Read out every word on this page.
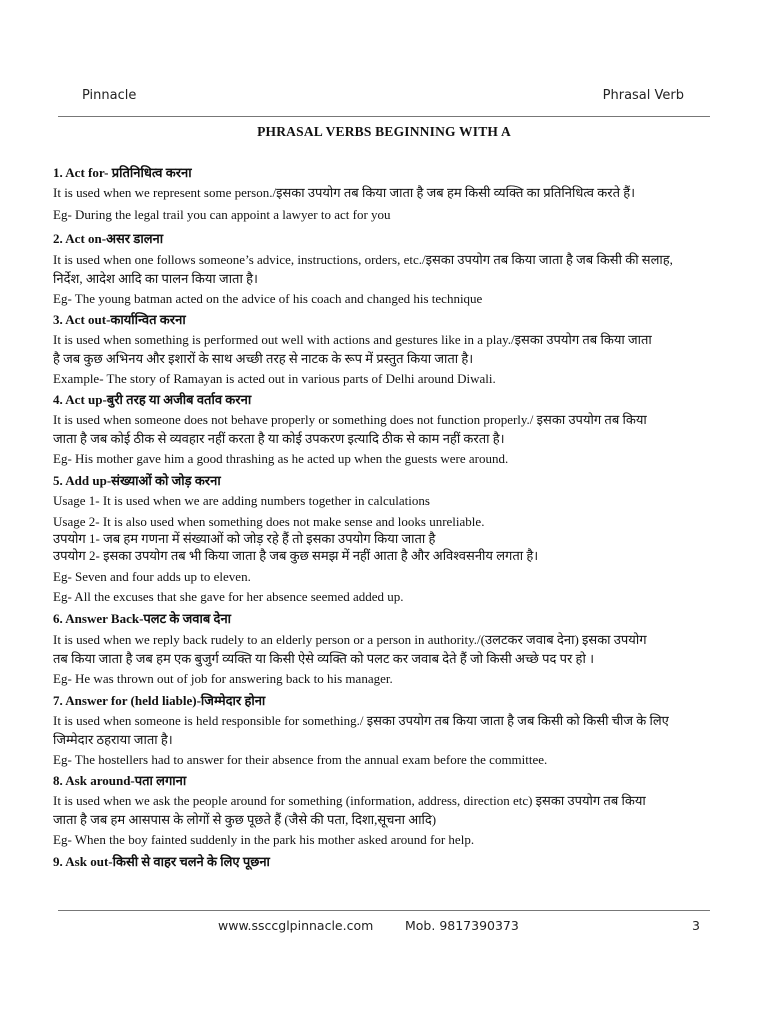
Pinnacle	Phrasal Verb
PHRASAL VERBS BEGINNING WITH A
1. Act for- प्रतिनिधित्व करना
It is used when we represent some person./इसका उपयोग तब किया जाता है जब हम किसी व्यक्ति का प्रतिनिधित्व करते हैं।
Eg- During the legal trail you can appoint a lawyer to act for you
2. Act on-असर डालना
It is used when one follows someone’s advice, instructions, orders, etc./इसका उपयोग तब किया जाता है जब किसी की सलाह,
निर्देश, आदेश आदि का पालन किया जाता है।
Eg- The young batman acted on the advice of his coach and changed his technique
3. Act out-कार्यान्वित करना
It is used when something is performed out well with actions and gestures like in a play./इसका उपयोग तब किया जाता
है जब कुछ अभिनय और इशारों के साथ अच्छी तरह से नाटक के रूप में प्रस्तुत किया जाता है।
Example- The story of Ramayan is acted out in various parts of Delhi around Diwali.
4. Act up-बुरी तरह या अजीब वर्ताव करना
It is used when someone does not behave properly or something does not function properly./ इसका उपयोग तब किया
जाता है जब कोई ठीक से व्यवहार नहीं करता है या कोई उपकरण इत्यादि ठीक से काम नहीं करता है।
Eg- His mother gave him a good thrashing as he acted up when the guests were around.
5. Add up-संख्याओं को जोड़ करना
Usage 1- It is used when we are adding numbers together in calculations
Usage 2- It is also used when something does not make sense and looks unreliable.
उपयोग 1- जब हम गणना में संख्याओं को जोड़ रहे हैं तो इसका उपयोग किया जाता है
उपयोग 2- इसका उपयोग तब भी किया जाता है जब कुछ समझ में नहीं आता है और अविश्वसनीय लगता है।
Eg- Seven and four adds up to eleven.
Eg- All the excuses that she gave for her absence seemed added up.
6. Answer Back-पलट के जवाब देना
It is used when we reply back rudely to an elderly person or a person in authority./(उलटकर जवाब देना) इसका उपयोग
तब किया जाता है जब हम एक बुजुर्ग व्यक्ति या किसी ऐसे व्यक्ति को पलट कर जवाब देते हैं जो किसी अच्छे पद पर हो ।
Eg- He was thrown out of job for answering back to his manager.
7. Answer for (held liable)-जिम्मेदार होना
It is used when someone is held responsible for something./ इसका उपयोग तब किया जाता है जब किसी को किसी चीज के लिए
जिम्मेदार ठहराया जाता है।
Eg- The hostellers had to answer for their absence from the annual exam before the committee.
8. Ask around-पता लगाना
It is used when we ask the people around for something (information, address, direction etc) इसका उपयोग तब किया
जाता है जब हम आसपास के लोगों से कुछ पूछते हैं (जैसे की पता, दिशा,सूचना आदि)
Eg- When the boy fainted suddenly in the park his mother asked around for help.
9. Ask out-किसी से वाहर चलने के लिए पूछना
www.ssccglpinnacle.com	Mob. 9817390373	3
